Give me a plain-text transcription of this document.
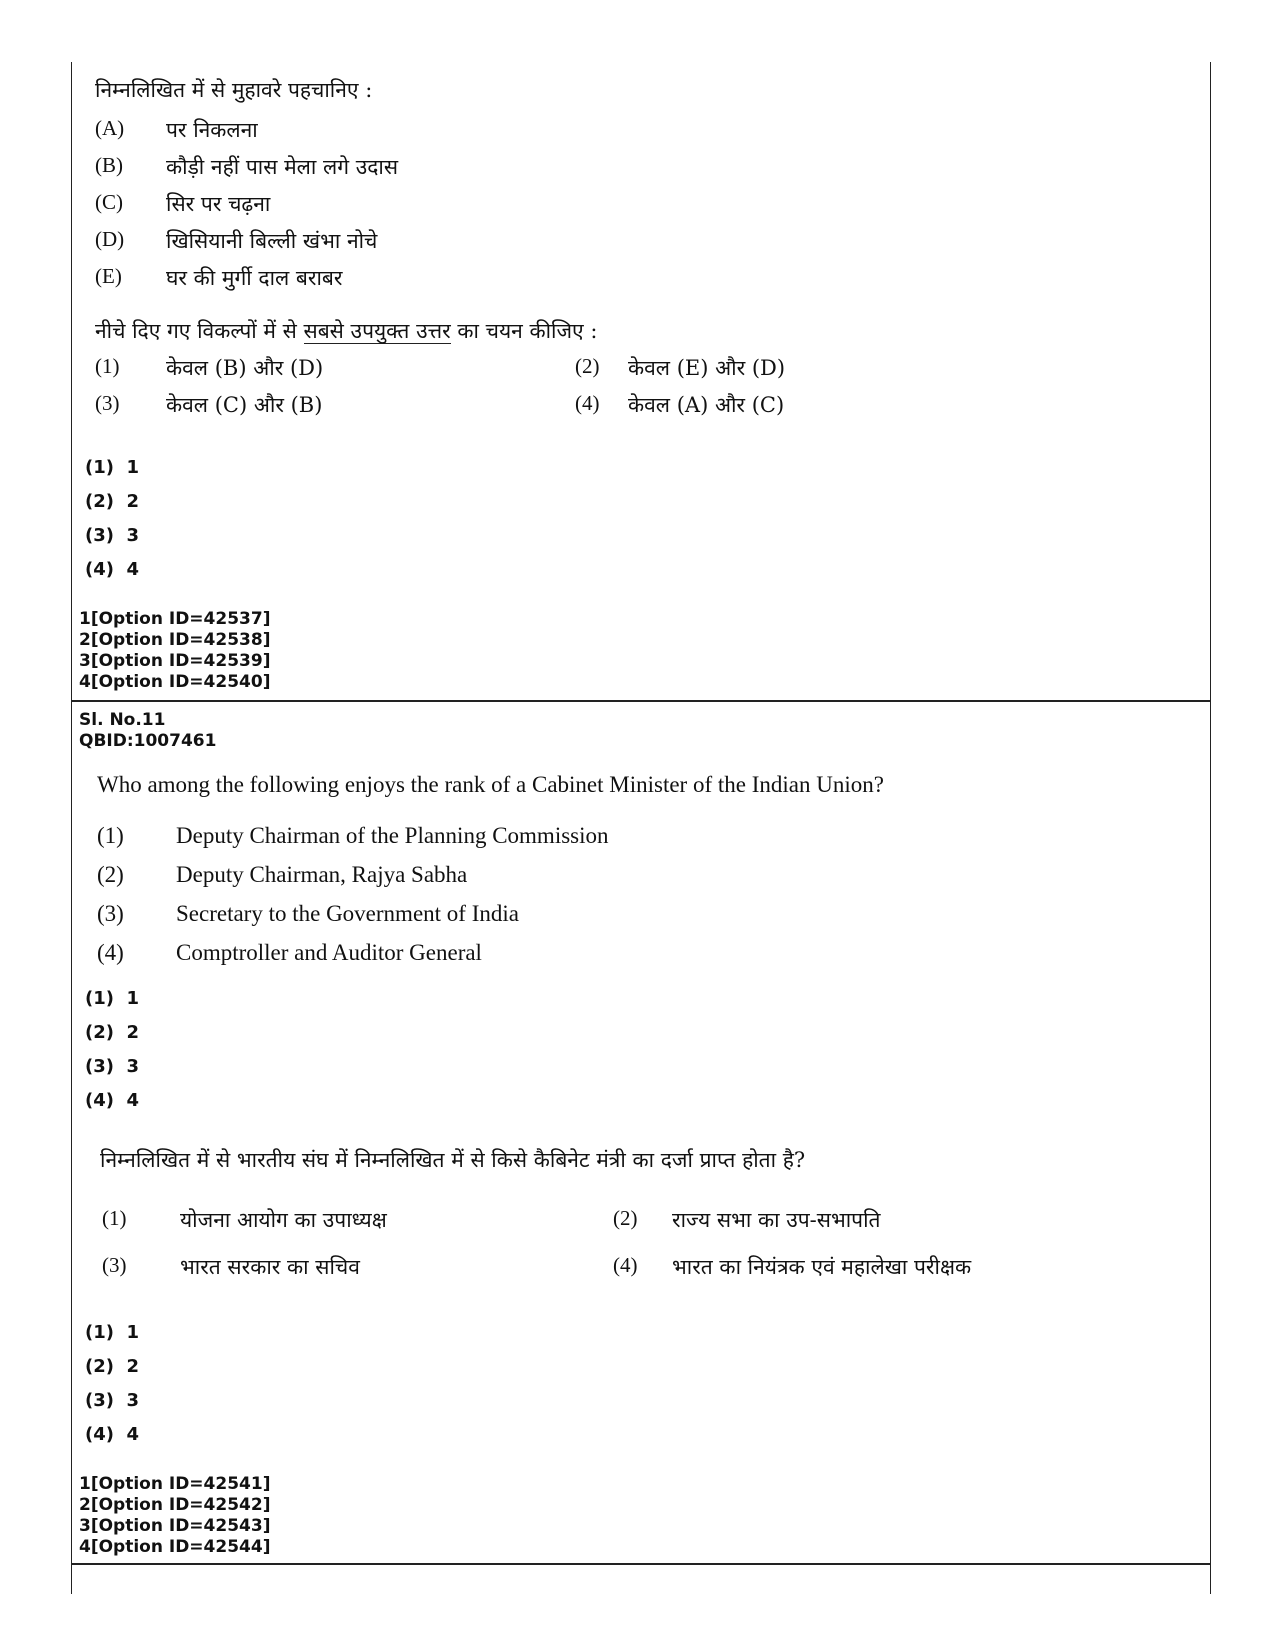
निम्नलिखित में से मुहावरे पहचानिए :
(A) पर निकलना
(B) कौड़ी नहीं पास मेला लगे उदास
(C) सिर पर चढ़ना
(D) खिसियानी बिल्ली खंभा नोचे
(E) घर की मुर्गी दाल बराबर
नीचे दिए गए विकल्पों में से सबसे उपयुक्त उत्तर का चयन कीजिए :
(1) केवल (B) और (D)	(2) केवल (E) और (D)
(3) केवल (C) और (B)	(4) केवल (A) और (C)
(1)  1
(2)  2
(3)  3
(4)  4
1[Option ID=42537]
2[Option ID=42538]
3[Option ID=42539]
4[Option ID=42540]
Sl. No.11
QBID:1007461
Who among the following enjoys the rank of a Cabinet Minister of the Indian Union?
(1) Deputy Chairman of the Planning Commission
(2) Deputy Chairman, Rajya Sabha
(3) Secretary to the Government of India
(4) Comptroller and Auditor General
(1)  1
(2)  2
(3)  3
(4)  4
निम्नलिखित में से भारतीय संघ में निम्नलिखित में से किसे कैबिनेट मंत्री का दर्जा प्राप्त होता है?
(1)	योजना आयोग का उपाध्यक्ष	(2) राज्य सभा का उप-सभापति
(3)	भारत सरकार का सचिव	(4) भारत का नियंत्रक एवं महालेखा परीक्षक
(1)  1
(2)  2
(3)  3
(4)  4
1[Option ID=42541]
2[Option ID=42542]
3[Option ID=42543]
4[Option ID=42544]
